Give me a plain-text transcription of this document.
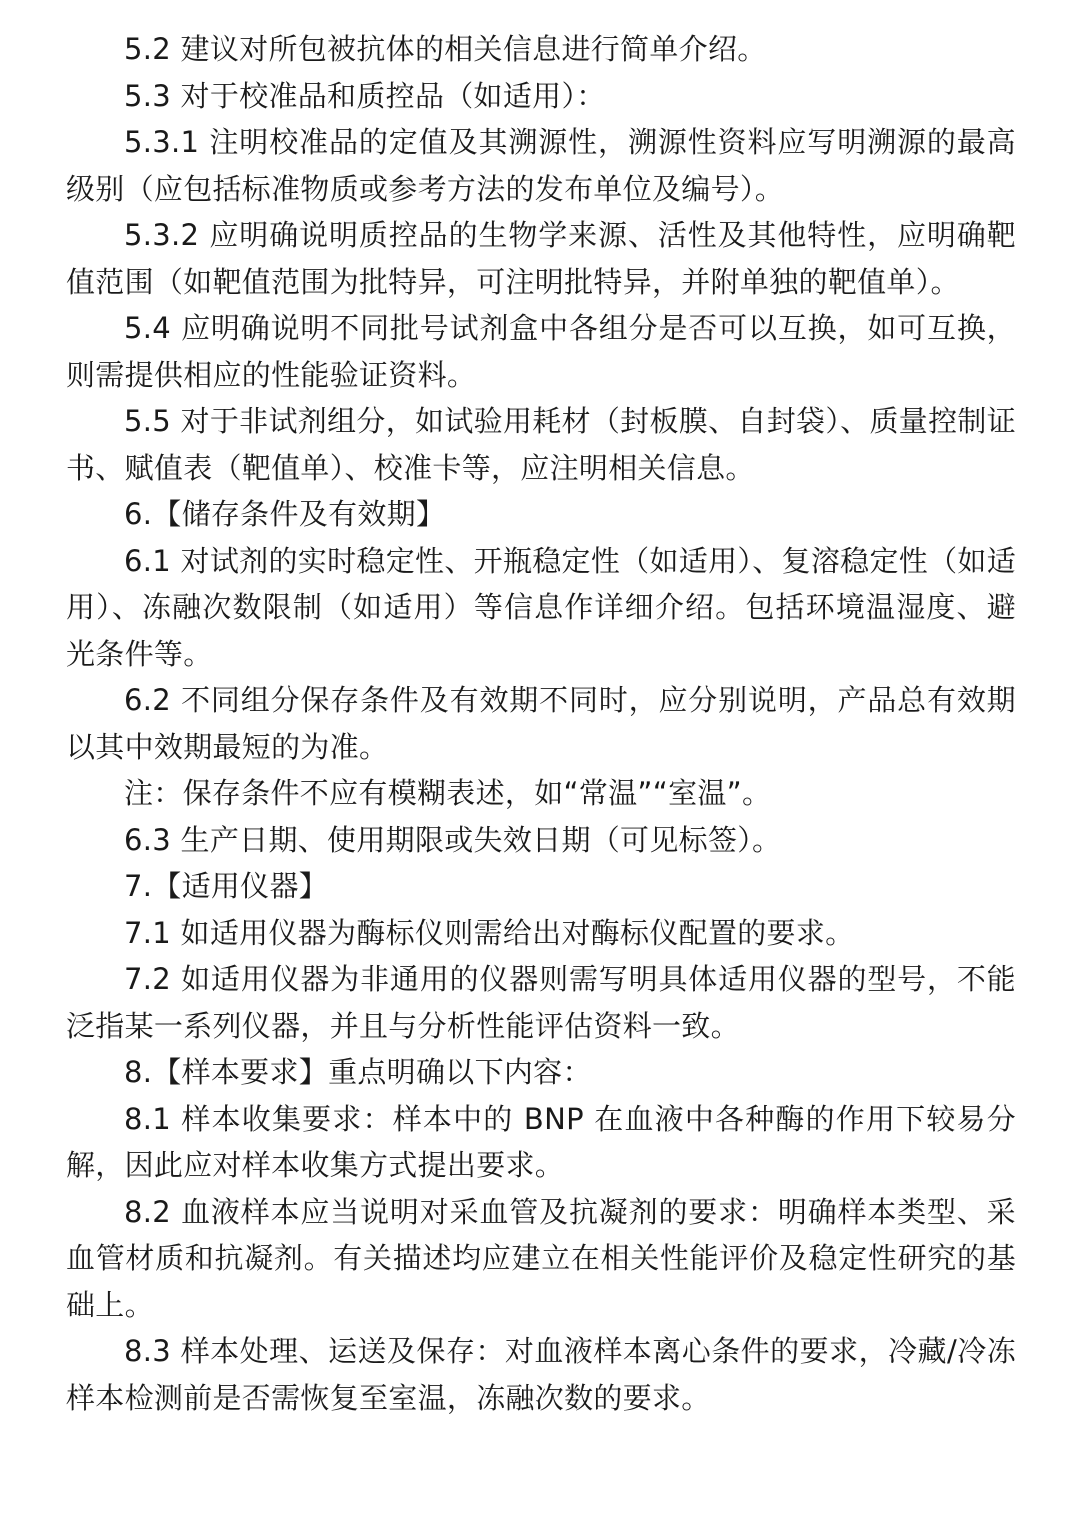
5.2 建议对所包被抗体的相关信息进行简单介绍。

5.3 对于校准品和质控品（如适用）：

5.3.1 注明校准品的定值及其溯源性，溯源性资料应写明溯源的最高级别（应包括标准物质或参考方法的发布单位及编号）。

5.3.2 应明确说明质控品的生物学来源、活性及其他特性，应明确靶值范围（如靶值范围为批特异，可注明批特异，并附单独的靶值单）。

5.4 应明确说明不同批号试剂盒中各组分是否可以互换，如可互换，则需提供相应的性能验证资料。

5.5 对于非试剂组分，如试验用耗材（封板膜、自封袋）、质量控制证书、赋值表（靶值单）、校准卡等，应注明相关信息。

6.【储存条件及有效期】

6.1 对试剂的实时稳定性、开瓶稳定性（如适用）、复溶稳定性（如适用）、冻融次数限制（如适用）等信息作详细介绍。包括环境温湿度、避光条件等。

6.2 不同组分保存条件及有效期不同时，应分别说明，产品总有效期以其中效期最短的为准。

注：保存条件不应有模糊表述，如“常温”“室温”。

6.3 生产日期、使用期限或失效日期（可见标签）。

7.【适用仪器】

7.1 如适用仪器为酶标仪则需给出对酶标仪配置的要求。

7.2 如适用仪器为非通用的仪器则需写明具体适用仪器的型号，不能泛指某一系列仪器，并且与分析性能评估资料一致。

8.【样本要求】重点明确以下内容：

8.1 样本收集要求：样本中的 BNP 在血液中各种酶的作用下较易分解，因此应对样本收集方式提出要求。

8.2 血液样本应当说明对采血管及抗凝剂的要求：明确样本类型、采血管材质和抗凝剂。有关描述均应建立在相关性能评价及稳定性研究的基础上。

8.3 样本处理、运送及保存：对血液样本离心条件的要求，冷藏/冷冻样本检测前是否需恢复至室温，冻融次数的要求。
